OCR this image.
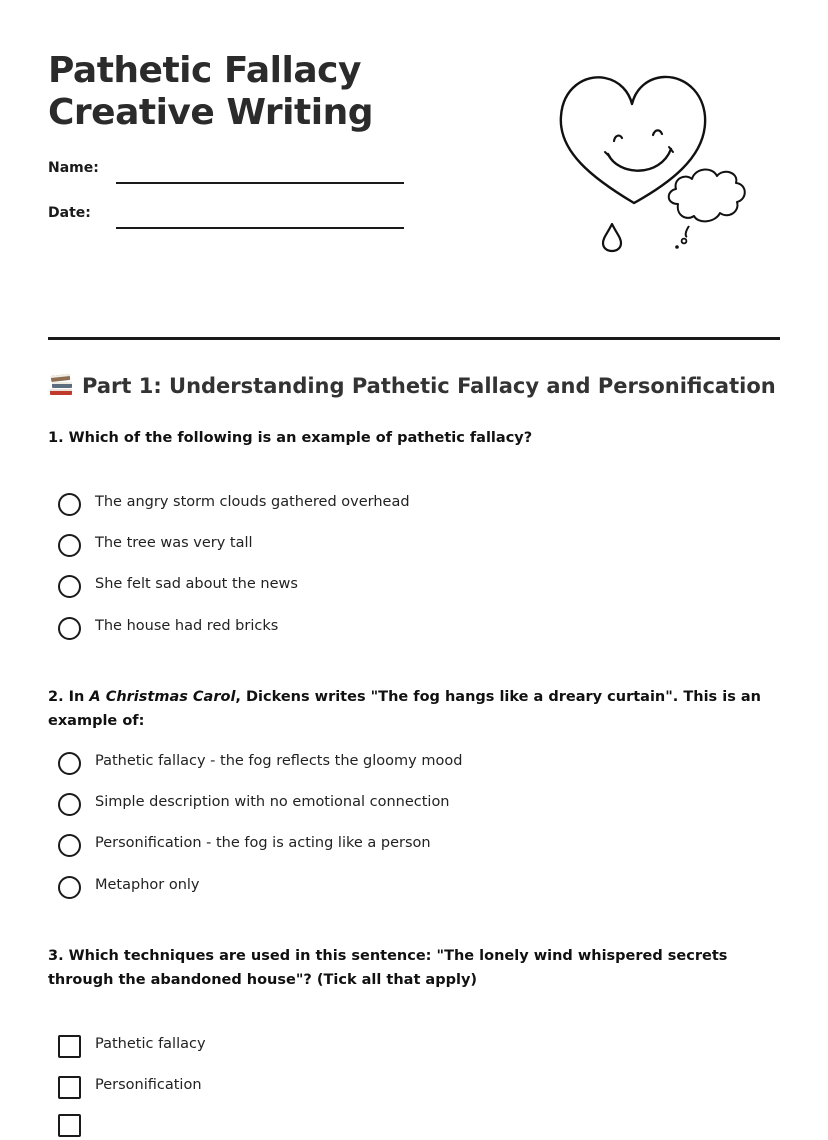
Pathetic Fallacy Creative Writing
Name:
Date:
Part 1: Understanding Pathetic Fallacy and Personification

1. Which of the following is an example of pathetic fallacy?

The angry storm clouds gathered overhead
The tree was very tall
She felt sad about the news
The house had red bricks

2. In A Christmas Carol, Dickens writes "The fog hangs like a dreary curtain". This is an example of:

Pathetic fallacy - the fog reflects the gloomy mood
Simple description with no emotional connection
Personification - the fog is acting like a person
Metaphor only

3. Which techniques are used in this sentence: "The lonely wind whispered secrets through the abandoned house"? (Tick all that apply)

Pathetic fallacy
Personification
